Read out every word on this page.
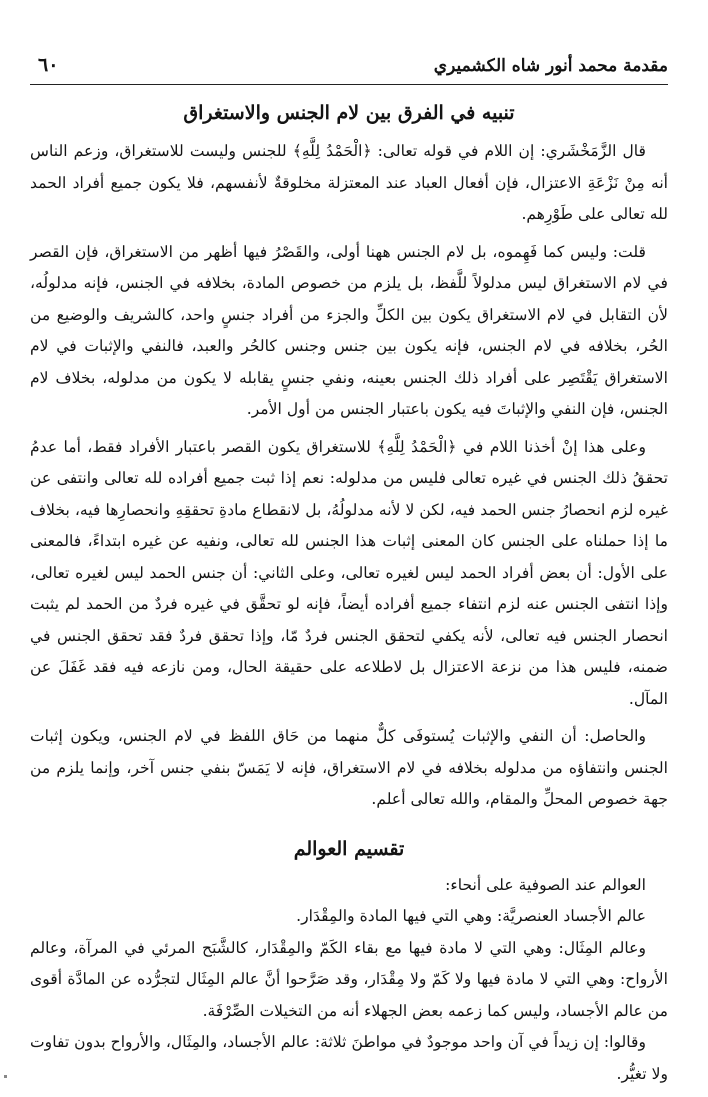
مقدمة محمد أنور شاه الكشميري
٦٠
تنبيه في الفرق بين لام الجنس والاستغراق

قال الزَّمَخْشَري: إن اللام في قوله تعالى: ﴿الْحَمْدُ لِلَّهِ﴾ للجنس وليست للاستغراق، وزعم الناس أنه مِنْ نَزْعَةِ الاعتزال، فإن أفعال العباد عند المعتزلة مخلوقةٌ لأنفسهم، فلا يكون جميع أفراد الحمد لله تعالى على طَوْرِهم.

قلت: وليس كما فَهِموه، بل لام الجنس ههنا أولى، والقَصْرُ فيها أظهر من الاستغراق، فإن القصر في لام الاستغراق ليس مدلولاً للَّفظ، بل يلزم من خصوص المادة، بخلافه في الجنس، فإنه مدلولُه، لأن التقابل في لام الاستغراق يكون بين الكلِّ والجزء من أفراد جنسٍ واحد، كالشريف والوضيع من الحُر، بخلافه في لام الجنس، فإنه يكون بين جنس وجنس كالحُر والعبد، فالنفي والإثبات في لام الاستغراق يَقْتَصِر على أفراد ذلك الجنس بعينه، ونفي جنسٍ يقابله لا يكون من مدلوله، بخلاف لام الجنس، فإن النفي والإثباتَ فيه يكون باعتبار الجنس من أول الأمر.

وعلى هذا إنْ أخذنا اللام في ﴿الْحَمْدُ لِلَّهِ﴾ للاستغراق يكون القصر باعتبار الأفراد فقط، أما عدمُ تحققُ ذلك الجنس في غيره تعالى فليس من مدلوله: نعم إذا ثبت جميع أفراده لله تعالى وانتفى عن غيره لزم انحصارُ جنس الحمد فيه، لكن لا لأنه مدلولُهُ، بل لانقطاع مادةِ تحققِهِ وانحصارِها فيه، بخلاف ما إذا حملناه على الجنس كان المعنى إثبات هذا الجنس لله تعالى، ونفيه عن غيره ابتداءً، فالمعنى على الأول: أن بعض أفراد الحمد ليس لغيره تعالى، وعلى الثاني: أن جنس الحمد ليس لغيره تعالى، وإذا انتفى الجنس عنه لزم انتفاء جميع أفراده أيضاً، فإنه لو تحقَّق في غيره فردٌ من الحمد لم يثبت انحصار الجنس فيه تعالى، لأنه يكفي لتحقق الجنس فردٌ مّا، وإذا تحقق فردٌ فقد تحقق الجنس في ضمنه، فليس هذا من نزعة الاعتزال بل لاطلاعه على حقيقة الحال، ومن نازعه فيه فقد غَفَلَ عن المآل.

والحاصل: أن النفي والإثبات يُستوفَى كلٌّ منهما من حَاق اللفظ في لام الجنس، ويكون إثبات الجنس وانتفاؤه من مدلوله بخلافه في لام الاستغراق، فإنه لا يَمَسّ بنفي جنس آخر، وإنما يلزم من جهة خصوص المحلِّ والمقام، والله تعالى أعلم.

تقسيم العوالم

العوالم عند الصوفية على أنحاء:

عالم الأجساد العنصريَّة: وهي التي فيها المادة والمِقْدَار.

وعالم المِثَال: وهي التي لا مادة فيها مع بقاء الكَمّ والمِقْدَار، كالشَّبَح المرئي في المرآة، وعالم الأرواح: وهي التي لا مادة فيها ولا كَمّ ولا مِقْدَار، وقد صَرَّحوا أنَّ عالم المِثَال لتجرُّده عن المادَّة أقوى من عالم الأجساد، وليس كما زعمه بعض الجهلاء أنه من التخيلات الصِّرْفَة.

وقالوا: إن زيداً في آن واحد موجودٌ في مواطنَ ثلاثة: عالم الأجساد، والمِثَال، والأرواح بدون تفاوت ولا تغيُّر.
